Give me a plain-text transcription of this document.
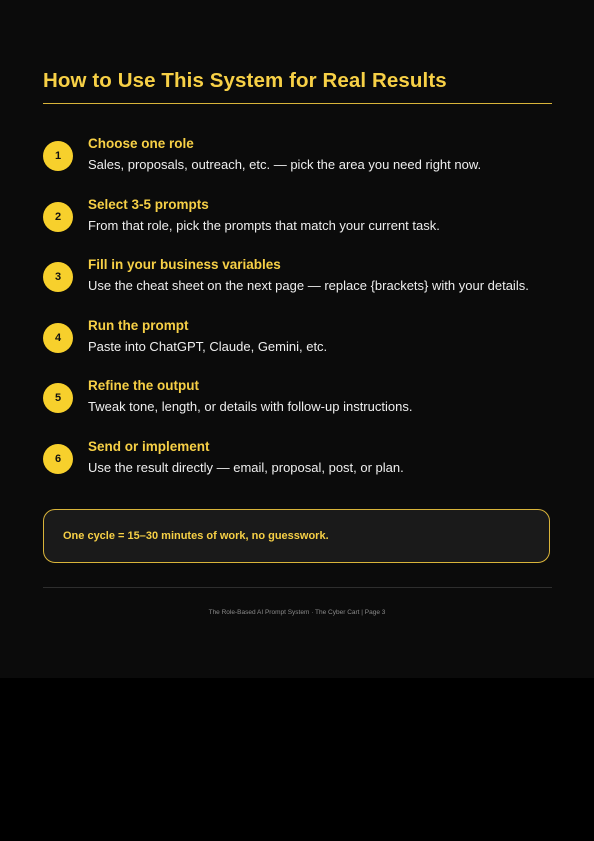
How to Use This System for Real Results
1
Choose one role
Sales, proposals, outreach, etc. — pick the area you need right now.
2
Select 3-5 prompts
From that role, pick the prompts that match your current task.
3
Fill in your business variables
Use the cheat sheet on the next page — replace {brackets} with your details.
4
Run the prompt
Paste into ChatGPT, Claude, Gemini, etc.
5
Refine the output
Tweak tone, length, or details with follow-up instructions.
6
Send or implement
Use the result directly — email, proposal, post, or plan.
One cycle = 15–30 minutes of work, no guesswork.
The Role-Based AI Prompt System · The Cyber Cart | Page 3
